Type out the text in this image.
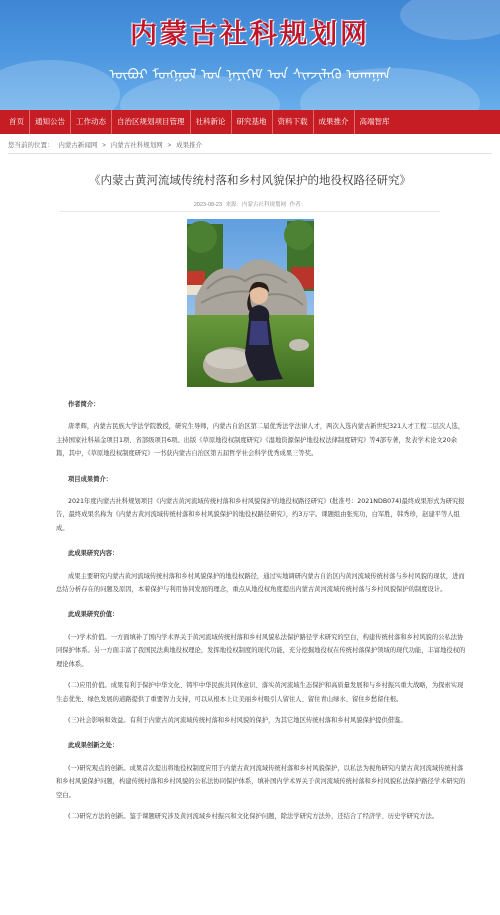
内蒙古社科规划网
ᠦᠪᠦᠷ ᠮᠣᠩᠭᠣᠯ ᠤᠨ ᠨᠡᠶᠢᠭᠡᠮ ᠤᠨ ᠰᠢᠨᠵᠢᠯᠡᠬᠦ ᠤᠬᠠᠭᠠᠨ
首页	通知公告	工作动态	自治区规划项目管理	社科新论	研究基地	资料下载	成果推介	高端智库
您当前的位置： 内蒙古新闻网 > 内蒙古社科规划网 > 成果推介
《内蒙古黄河流域传统村落和乡村风貌保护的地役权路径研究》
2023-08-23 来源：内蒙古社科规划网 作者：

作者简介：

唐孝辉，内蒙古民族大学法学院教授，研究生导师，内蒙古自治区第二届优秀法学法律人才，两次入选内蒙古新世纪321人才工程二层次人选，主持国家社科基金项目1项、省部级项目6项。出版《草原地役权制度研究》《湿地资源保护地役权法律制度研究》等4部专著，发表学术论文20余篇，其中，《草原地役权制度研究》一书获内蒙古自治区第五届哲学社会科学优秀成果三等奖。

项目成果简介：

2021年度内蒙古社科规划项目《内蒙古黄河流域传统村落和乡村风貌保护的地役权路径研究》(批准号：2021NDB074)最终成果形式为研究报告，最终成果名称为《内蒙古黄河流域传统村落和乡村风貌保护的地役权路径研究》，约3万字。课题组由张宪功，白军胜，韩秀珍，赵建平等人组成。

此成果研究内容：

成果主要研究内蒙古黄河流域传统村落和乡村风貌保护的地役权路径，通过实地调研内蒙古自治区内黄河流域传统村落与乡村风貌的现状，进而总结分析存在的问题及原因，本着保护与利用协同发展的理念，重点从地役权角度提出内蒙古黄河流域传统村落与乡村风貌保护的制度设计。

此成果研究价值：

(一)学术价值。一方面填补了国内学术界关于黄河流域传统村落和乡村风貌私法保护路径学术研究的空白，构建传统村落和乡村风貌的公私法协同保护体系。另一方面丰富了我国民法典地役权理论，发挥地役权制度的现代功能，充分挖掘地役权在传统村落保护领域的现代功能，丰富地役权的理论体系。

(二)应用价值。成果有利于保护中华文化、铸牢中华民族共同体意识、落实黄河流域生态保护和高质量发展和与乡村振兴重大战略，为探索实现生态优先、绿色发展的道路提供了重要智力支持，可以从根本上让美丽乡村吸引人留住人、留住青山绿水、留住乡愁留住根。

(三)社会影响和效益。有利于内蒙古黄河流域传统村落和乡村风貌的保护，为其它地区传统村落和乡村风貌保护提供借鉴。

此成果创新之处：

(一)研究观点的创新。成果首次提出将地役权制度应用于内蒙古黄河流域传统村落和乡村风貌保护，以私法为视角研究内蒙古黄河流域传统村落和乡村风貌保护问题，构建传统村落和乡村风貌的公私法协同保护体系，填补国内学术界关于黄河流域传统村落和乡村风貌私法保护路径学术研究的空白。

(二)研究方法的创新。鉴于课题研究涉及黄河流域乡村振兴和文化保护问题，除法学研究方法外，还结合了经济学、历史学研究方法。
